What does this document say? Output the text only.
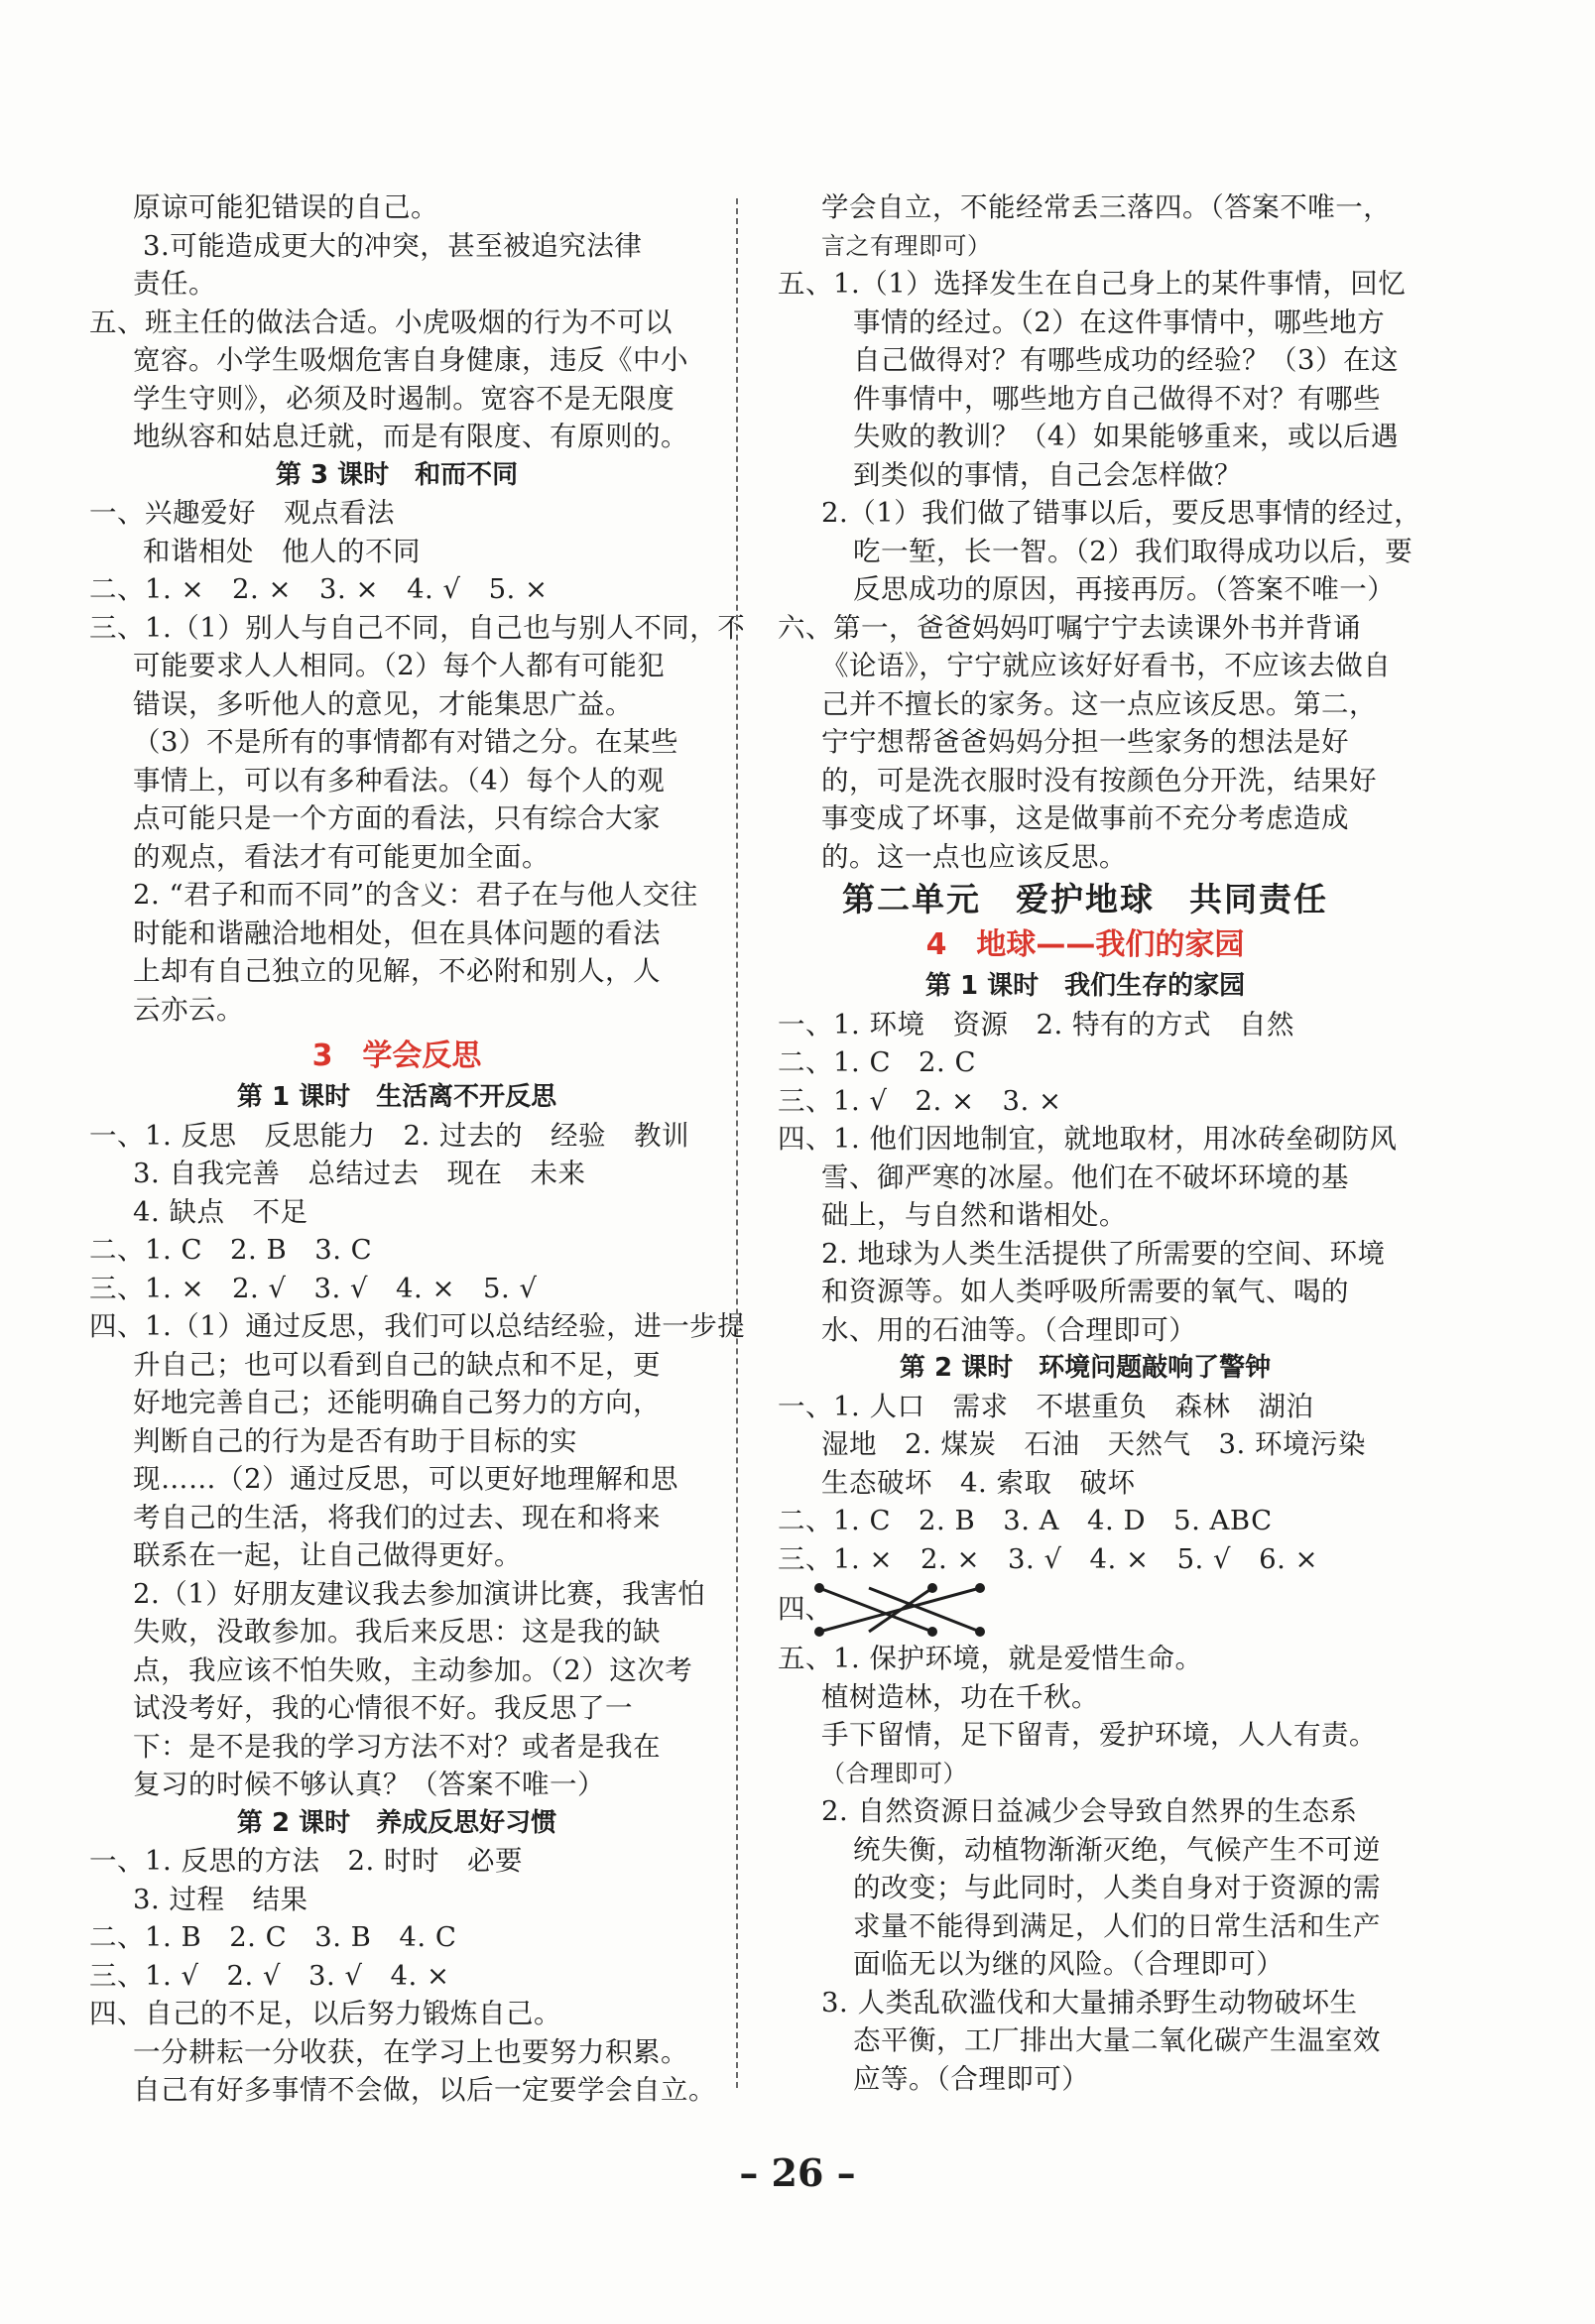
原谅可能犯错误的自己。
3.可能造成更大的冲突，甚至被追究法律
责任。
五、班主任的做法合适。小虎吸烟的行为不可以
宽容。小学生吸烟危害自身健康，违反《中小
学生守则》，必须及时遏制。宽容不是无限度
地纵容和姑息迁就，而是有限度、有原则的。
第 3 课时　和而不同
一、兴趣爱好　观点看法
和谐相处　他人的不同
二、1. ×　2. ×　3. ×　4. √　5. ×
三、1.（1）别人与自己不同，自己也与别人不同，不
可能要求人人相同。（2）每个人都有可能犯
错误，多听他人的意见，才能集思广益。
（3）不是所有的事情都有对错之分。在某些
事情上，可以有多种看法。（4）每个人的观
点可能只是一个方面的看法，只有综合大家
的观点，看法才有可能更加全面。
2. “君子和而不同”的含义：君子在与他人交往
时能和谐融洽地相处，但在具体问题的看法
上却有自己独立的见解，不必附和别人，人
云亦云。
3　学会反思
第 1 课时　生活离不开反思
一、1. 反思　反思能力　2. 过去的　经验　教训
3. 自我完善　总结过去　现在　未来
4. 缺点　不足
二、1. C　2. B　3. C
三、1. ×　2. √　3. √　4. ×　5. √
四、1.（1）通过反思，我们可以总结经验，进一步提
升自己；也可以看到自己的缺点和不足，更
好地完善自己；还能明确自己努力的方向，
判断自己的行为是否有助于目标的实
现……（2）通过反思，可以更好地理解和思
考自己的生活，将我们的过去、现在和将来
联系在一起，让自己做得更好。
2.（1）好朋友建议我去参加演讲比赛，我害怕
失败，没敢参加。我后来反思：这是我的缺
点，我应该不怕失败，主动参加。（2）这次考
试没考好，我的心情很不好。我反思了一
下：是不是我的学习方法不对？或者是我在
复习的时候不够认真？（答案不唯一）
第 2 课时　养成反思好习惯
一、1. 反思的方法　2. 时时　必要
3. 过程　结果
二、1. B　2. C　3. B　4. C
三、1. √　2. √　3. √　4. ×
四、自己的不足，以后努力锻炼自己。
一分耕耘一分收获，在学习上也要努力积累。
自己有好多事情不会做，以后一定要学会自立。
学会自立，不能经常丢三落四。（答案不唯一，
言之有理即可）
五、1.（1）选择发生在自己身上的某件事情，回忆
事情的经过。（2）在这件事情中，哪些地方
自己做得对？有哪些成功的经验？（3）在这
件事情中，哪些地方自己做得不对？有哪些
失败的教训？（4）如果能够重来，或以后遇
到类似的事情，自己会怎样做？
2.（1）我们做了错事以后，要反思事情的经过，
吃一堑，长一智。（2）我们取得成功以后，要
反思成功的原因，再接再厉。（答案不唯一）
六、第一，爸爸妈妈叮嘱宁宁去读课外书并背诵
《论语》，宁宁就应该好好看书，不应该去做自
己并不擅长的家务。这一点应该反思。第二，
宁宁想帮爸爸妈妈分担一些家务的想法是好
的，可是洗衣服时没有按颜色分开洗，结果好
事变成了坏事，这是做事前不充分考虑造成
的。这一点也应该反思。
第二单元　爱护地球　共同责任
4　地球——我们的家园
第 1 课时　我们生存的家园
一、1. 环境　资源　2. 特有的方式　自然
二、1. C　2. C
三、1. √　2. ×　3. ×
四、1. 他们因地制宜，就地取材，用冰砖垒砌防风
雪、御严寒的冰屋。他们在不破坏环境的基
础上，与自然和谐相处。
2. 地球为人类生活提供了所需要的空间、环境
和资源等。如人类呼吸所需要的氧气、喝的
水、用的石油等。（合理即可）
第 2 课时　环境问题敲响了警钟
一、1. 人口　需求　不堪重负　森林　湖泊
湿地　2. 煤炭　石油　天然气　3. 环境污染
生态破坏　4. 索取　破坏
二、1. C　2. B　3. A　4. D　5. ABC
三、1. ×　2. ×　3. √　4. ×　5. √　6. ×
四、
五、1. 保护环境，就是爱惜生命。
植树造林，功在千秋。
手下留情，足下留青，爱护环境，人人有责。
（合理即可）
2. 自然资源日益减少会导致自然界的生态系
统失衡，动植物渐渐灭绝，气候产生不可逆
的改变；与此同时，人类自身对于资源的需
求量不能得到满足，人们的日常生活和生产
面临无以为继的风险。（合理即可）
3. 人类乱砍滥伐和大量捕杀野生动物破坏生
态平衡，工厂排出大量二氧化碳产生温室效
应等。（合理即可）
– 26 –
